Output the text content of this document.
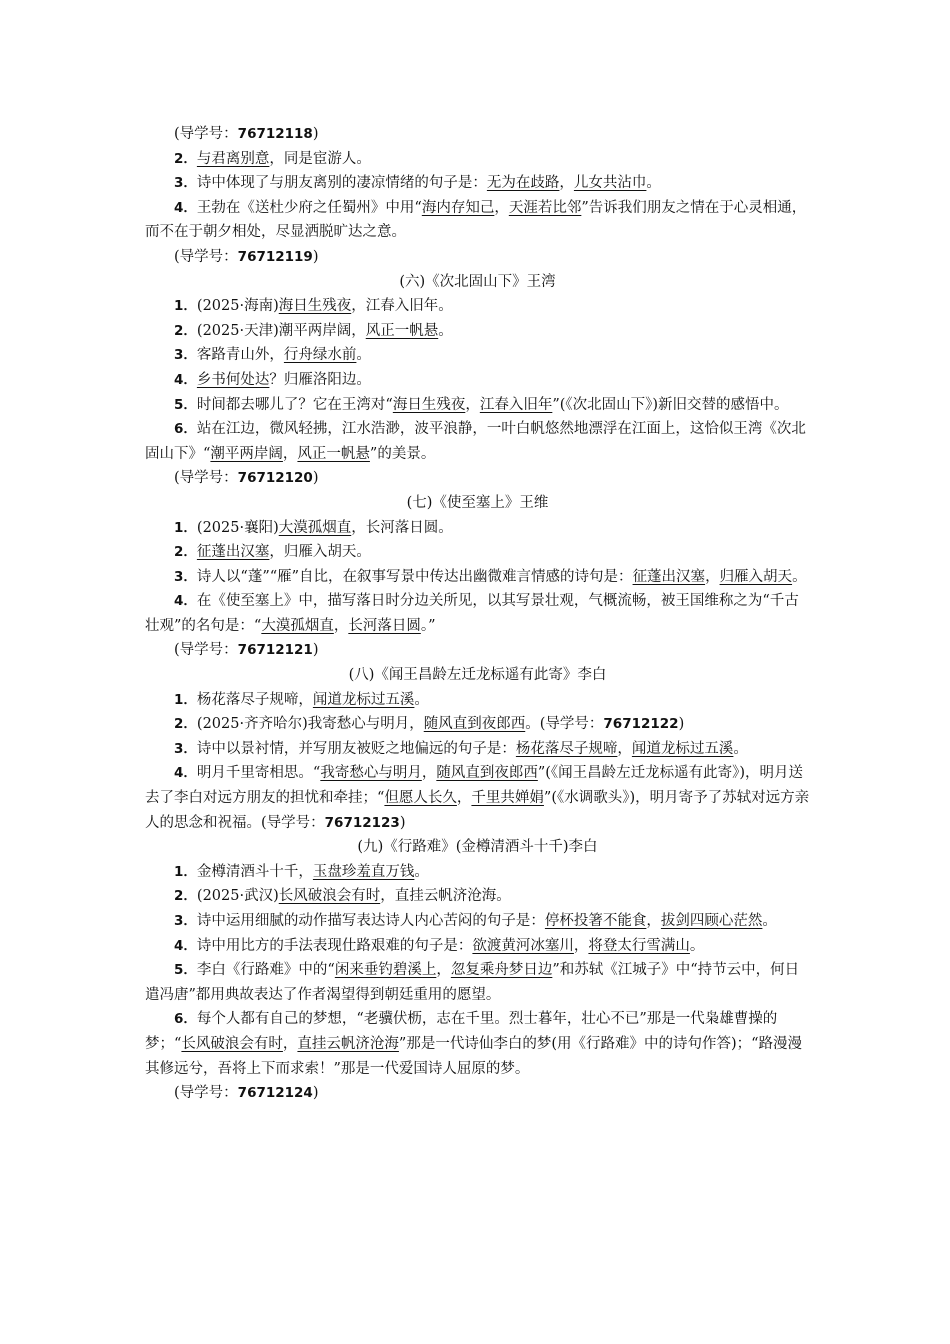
(导学号：76712118)

2．与君离别意，同是宦游人。

3．诗中体现了与朋友离别的凄凉情绪的句子是：无为在歧路，儿女共沾巾。

4．王勃在《送杜少府之任蜀州》中用“海内存知己，天涯若比邻”告诉我们朋友之情在于心灵相通，而不在于朝夕相处，尽显洒脱旷达之意。

(导学号：76712119)

(六)《次北固山下》王湾

1．(2025·海南)海日生残夜，江春入旧年。

2．(2025·天津)潮平两岸阔，风正一帆悬。

3．客路青山外，行舟绿水前。

4．乡书何处达？归雁洛阳边。

5．时间都去哪儿了？它在王湾对“海日生残夜，江春入旧年”(《次北固山下》)新旧交替的感悟中。

6．站在江边，微风轻拂，江水浩渺，波平浪静，一叶白帆悠然地漂浮在江面上，这恰似王湾《次北固山下》“潮平两岸阔，风正一帆悬”的美景。

(导学号：76712120)

(七)《使至塞上》王维

1．(2025·襄阳)大漠孤烟直，长河落日圆。

2．征蓬出汉塞，归雁入胡天。

3．诗人以“蓬”“雁”自比，在叙事写景中传达出幽微难言情感的诗句是：征蓬出汉塞，归雁入胡天。

4．在《使至塞上》中，描写落日时分边关所见，以其写景壮观，气概流畅，被王国维称之为“千古壮观”的名句是：“大漠孤烟直，长河落日圆。”

(导学号：76712121)

(八)《闻王昌龄左迁龙标遥有此寄》李白

1．杨花落尽子规啼，闻道龙标过五溪。

2．(2025·齐齐哈尔)我寄愁心与明月，随风直到夜郎西。(导学号：76712122)

3．诗中以景衬情，并写朋友被贬之地偏远的句子是：杨花落尽子规啼，闻道龙标过五溪。

4．明月千里寄相思。“我寄愁心与明月，随风直到夜郎西”(《闻王昌龄左迁龙标遥有此寄》)，明月送去了李白对远方朋友的担忧和牵挂；“但愿人长久，千里共婵娟”(《水调歌头》)，明月寄予了苏轼对远方亲人的思念和祝福。(导学号：76712123)

(九)《行路难》(金樽清酒斗十千)李白

1．金樽清酒斗十千，玉盘珍羞直万钱。

2．(2025·武汉)长风破浪会有时，直挂云帆济沧海。

3．诗中运用细腻的动作描写表达诗人内心苦闷的句子是：停杯投箸不能食，拔剑四顾心茫然。

4．诗中用比方的手法表现仕路艰难的句子是：欲渡黄河冰塞川，将登太行雪满山。

5．李白《行路难》中的“闲来垂钓碧溪上，忽复乘舟梦日边”和苏轼《江城子》中“持节云中，何日遣冯唐”都用典故表达了作者渴望得到朝廷重用的愿望。

6．每个人都有自己的梦想，“老骥伏枥，志在千里。烈士暮年，壮心不已”那是一代枭雄曹操的梦；“长风破浪会有时，直挂云帆济沧海”那是一代诗仙李白的梦(用《行路难》中的诗句作答)；“路漫漫其修远兮，吾将上下而求索！”那是一代爱国诗人屈原的梦。

(导学号：76712124)
